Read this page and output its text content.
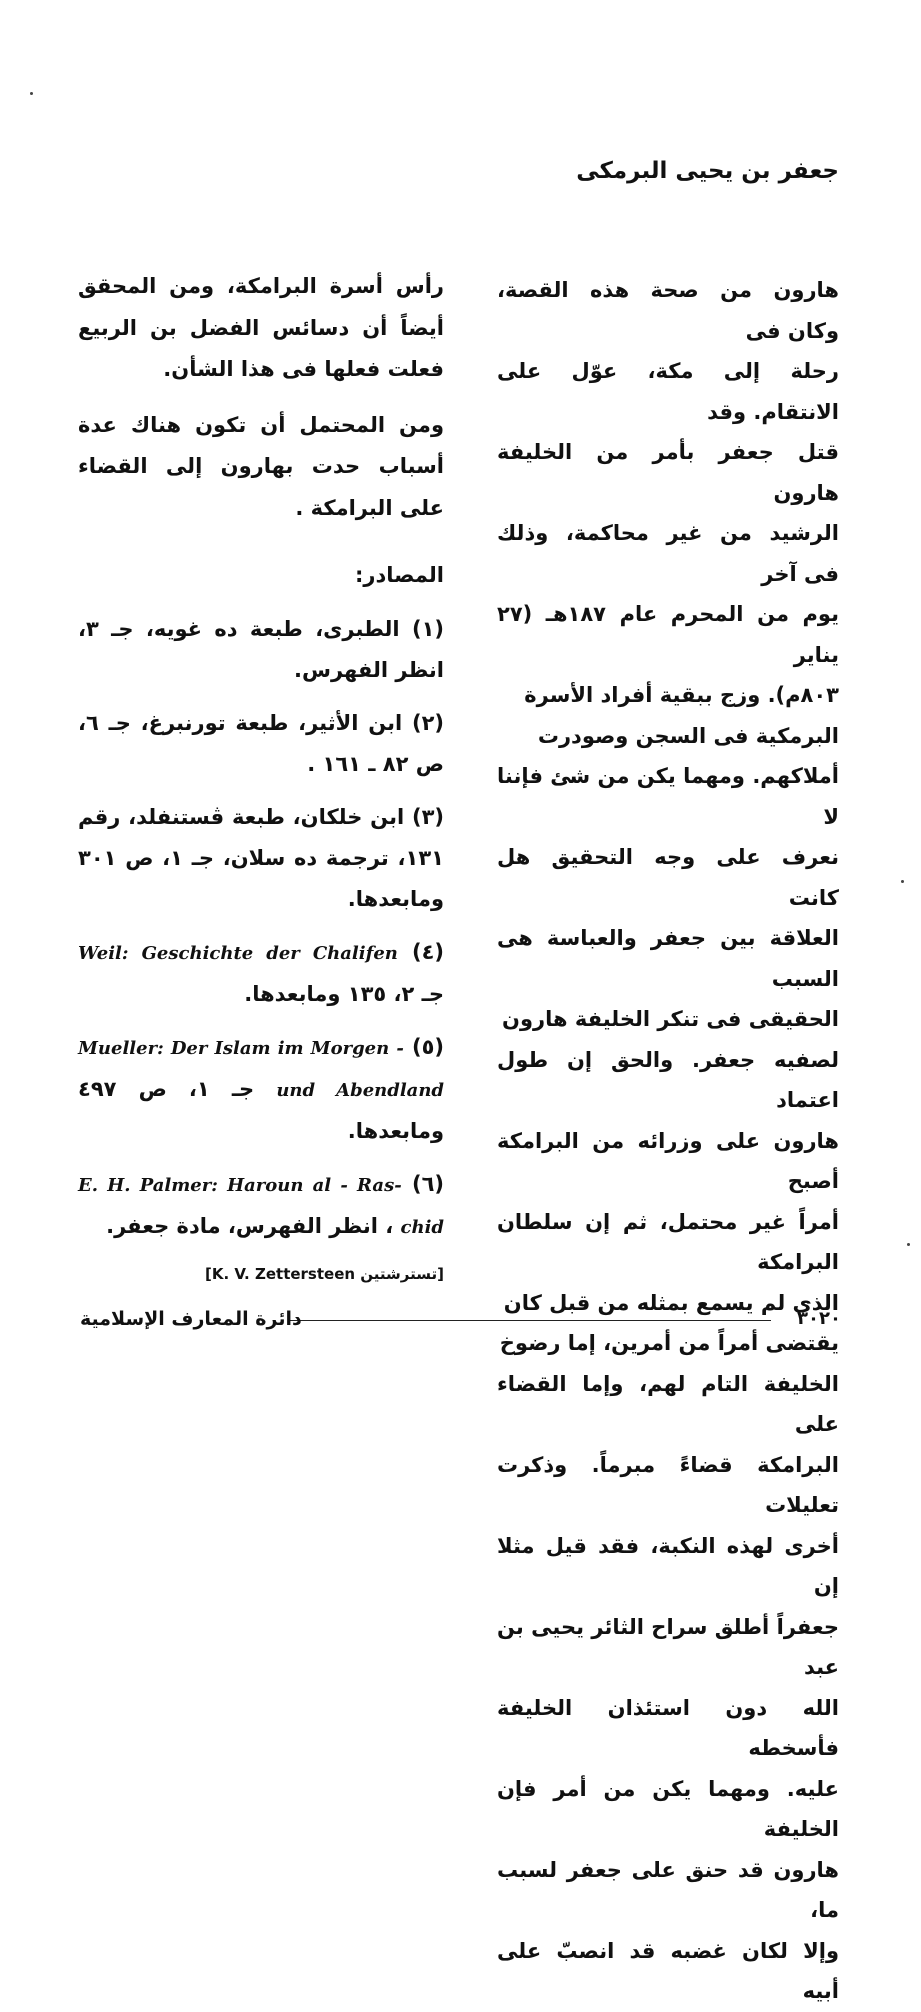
جعفر بن يحيى البرمكى

هارون من صحة هذه القصة، وكان فى

رحلة إلى مكة، عوّل على الانتقام. وقد

قتل جعفر بأمر من الخليفة هارون

الرشيد من غير محاكمة، وذلك فى آخر

يوم من المحرم عام ١٨٧هـ (٢٧ يناير

٨٠٣م). وزج ببقية أفراد الأسرة

البرمكية فى السجن وصودرت

أملاكهم. ومهما يكن من شئ فإننا لا

نعرف على وجه التحقيق هل كانت

العلاقة بين جعفر والعباسة هى السبب

الحقيقى فى تنكر الخليفة هارون

لصفيه جعفر. والحق إن طول اعتماد

هارون على وزرائه من البرامكة أصبح

أمراً غير محتمل، ثم إن سلطان البرامكة

الذى لم يسمع بمثله من قبل كان

يقتضى أمراً من أمرين، إما رضوخ

الخليفة التام لهم، وإما القضاء على

البرامكة قضاءً مبرماً. وذكرت تعليلات

أخرى لهذه النكبة، فقد قيل مثلا إن

جعفراً أطلق سراح الثائر يحيى بن عبد

الله دون استئذان الخليفة فأسخطه

عليه. ومهما يكن من أمر فإن الخليفة

هارون قد حنق على جعفر لسبب ما،

وإلا لكان غضبه قد انصبّ على أبيه

رأس أسرة البرامكة، ومن المحقق أيضاً أن دسائس الفضل بن الربيع فعلت فعلها فى هذا الشأن.

ومن المحتمل أن تكون هناك عدة أسباب حدت بهارون إلى القضاء على البرامكة .

المصادر:

(١) الطبرى، طبعة ده غويه، جـ ٣، انظر الفهرس.

(٢) ابن الأثير، طبعة تورنبرغ، جـ ٦، ص ٨٢ ـ ١٦١ .

(٣) ابن خلكان، طبعة ڤستنفلد، رقم ١٣١، ترجمة ده سلان، جـ ١، ص ٣٠١ ومابعدها.

(٤) Weil: Geschichte der Chalifen جـ ٢، ١٣٥ ومابعدها.

(٥) Mueller: Der Islam im Morgen - und Abendland جـ ١، ص ٤٩٧ ومابعدها.

(٦) E. H. Palmer: Haroun al - Ras- chid ، انظر الفهرس، مادة جعفر.

[تسترشتين K. V. Zettersteen]

٣٠٢٠
دائرة المعارف الإسلامية
